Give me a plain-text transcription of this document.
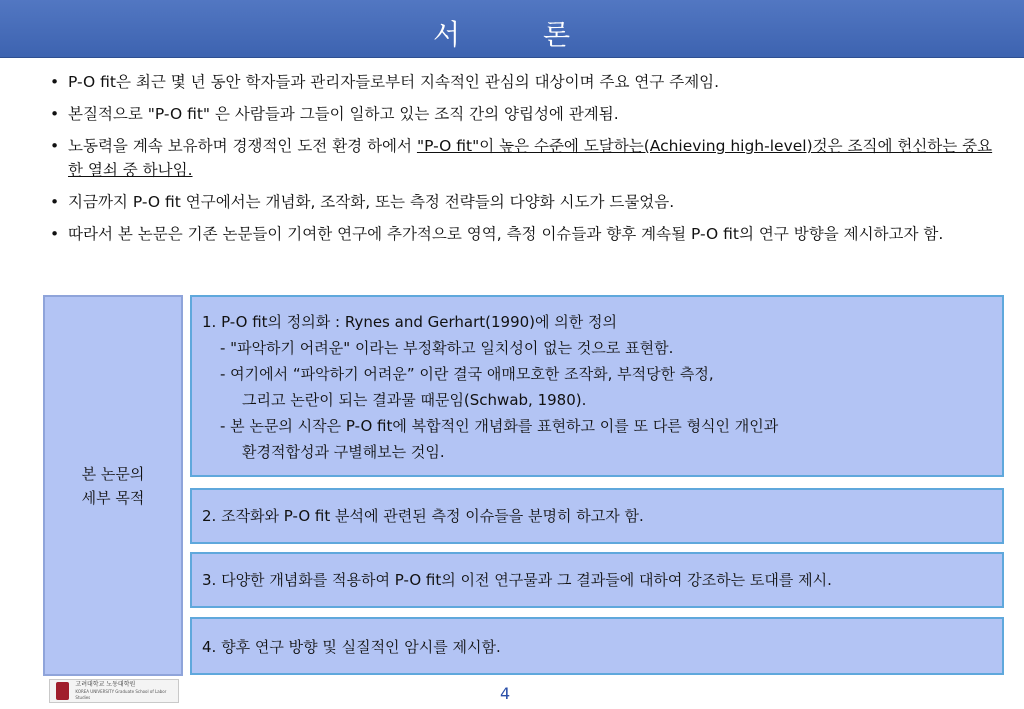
서	론
• P-O fit은 최근 몇 년 동안 학자들과 관리자들로부터 지속적인 관심의 대상이며 주요 연구 주제임.
• 본질적으로 "P-O fit" 은 사람들과 그들이 일하고 있는 조직 간의 양립성에 관계됨.
• 노동력을 계속 보유하며 경쟁적인 도전 환경 하에서 "P-O fit"이 높은 수준에 도달하는(Achieving high-level)것은 조직에 헌신하는 중요한 열쇠 중 하나임.
• 지금까지 P-O fit 연구에서는 개념화, 조작화, 또는 측정 전략들의 다양화 시도가 드물었음.
• 따라서 본 논문은 기존 논문들이 기여한 연구에 추가적으로 영역, 측정 이슈들과 향후 계속될 P-O fit의 연구 방향을 제시하고자 함.
본 논문의
세부 목적
1. P-O fit의 정의화 : Rynes and Gerhart(1990)에 의한 정의
- "파악하기 어려운" 이라는 부정확하고 일치성이 없는 것으로 표현함.
- 여기에서 “파악하기 어려운” 이란 결국 애매모호한 조작화, 부적당한 측정,
그리고 논란이 되는 결과물 때문임(Schwab, 1980).
- 본 논문의 시작은 P-O fit에 복합적인 개념화를 표현하고 이를 또 다른 형식인 개인과
환경적합성과 구별해보는 것임.
2. 조작화와 P-O fit 분석에 관련된 측정 이슈들을 분명히 하고자 함.
3. 다양한 개념화를 적용하여 P-O fit의 이전 연구물과 그 결과들에 대하여 강조하는 토대를 제시.
4. 향후 연구 방향 및 실질적인 암시를 제시함.
고려대학교 노동대학원
KOREA UNIVERSITY Graduate School of Labor Studies	4
